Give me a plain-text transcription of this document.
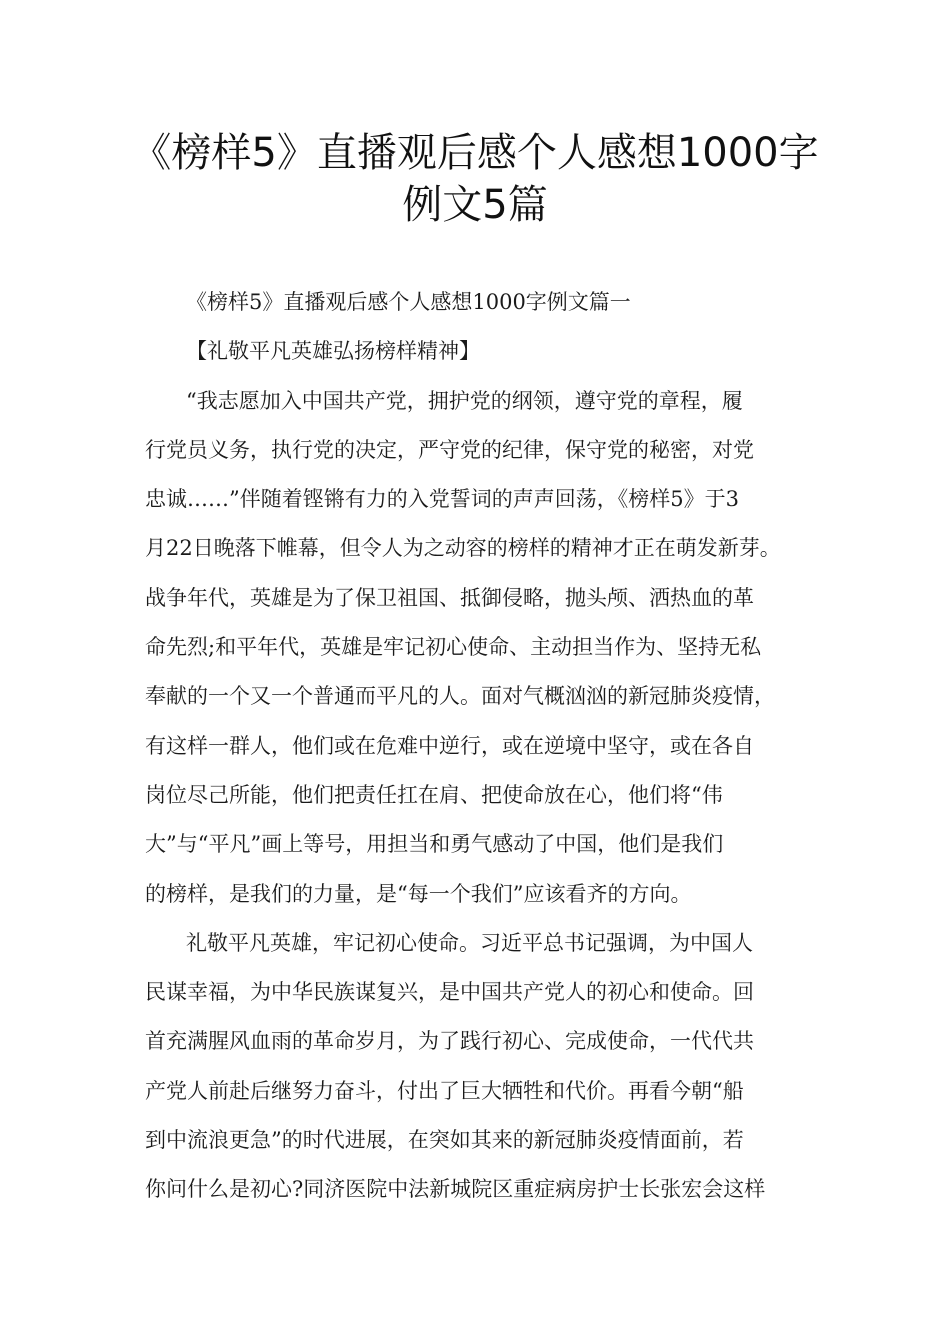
《榜样5》直播观后感个人感想1000字
例文5篇
《榜样5》直播观后感个人感想1000字例文篇一
【礼敬平凡英雄弘扬榜样精神】
“我志愿加入中国共产党，拥护党的纲领，遵守党的章程，履
行党员义务，执行党的决定，严守党的纪律，保守党的秘密，对党
忠诚……”伴随着铿锵有力的入党誓词的声声回荡，《榜样5》于3
月22日晚落下帷幕，但令人为之动容的榜样的精神才正在萌发新芽。
战争年代，英雄是为了保卫祖国、抵御侵略，抛头颅、洒热血的革
命先烈;和平年代，英雄是牢记初心使命、主动担当作为、坚持无私
奉献的一个又一个普通而平凡的人。面对气概汹汹的新冠肺炎疫情，
有这样一群人，他们或在危难中逆行，或在逆境中坚守，或在各自
岗位尽己所能，他们把责任扛在肩、把使命放在心，他们将“伟
大”与“平凡”画上等号，用担当和勇气感动了中国，他们是我们
的榜样，是我们的力量，是“每一个我们”应该看齐的方向。
礼敬平凡英雄，牢记初心使命。习近平总书记强调，为中国人
民谋幸福，为中华民族谋复兴，是中国共产党人的初心和使命。回
首充满腥风血雨的革命岁月，为了践行初心、完成使命，一代代共
产党人前赴后继努力奋斗，付出了巨大牺牲和代价。再看今朝“船
到中流浪更急”的时代进展，在突如其来的新冠肺炎疫情面前，若
你问什么是初心?同济医院中法新城院区重症病房护士长张宏会这样
